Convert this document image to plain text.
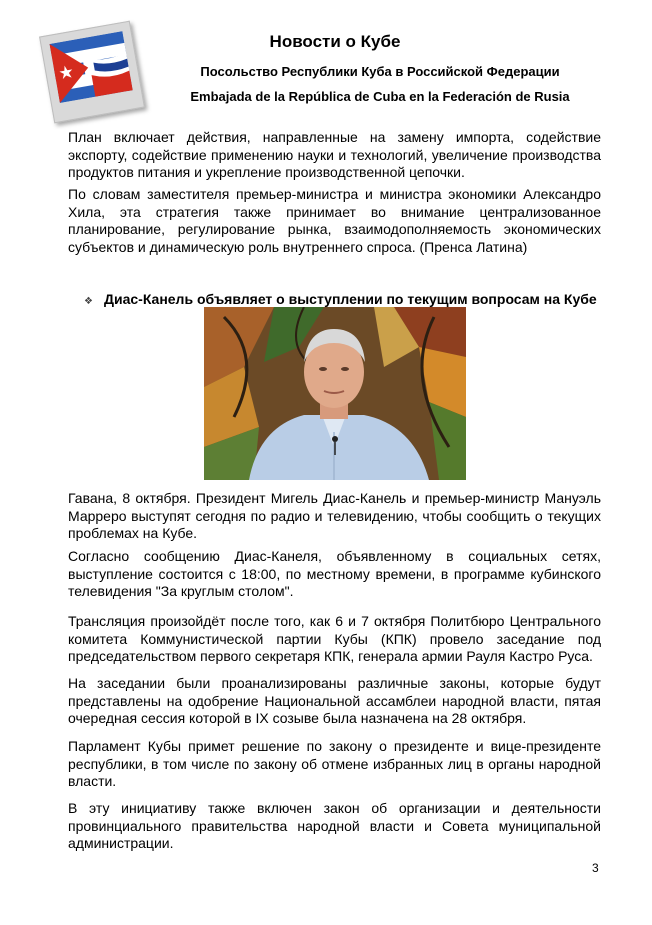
Новости о Кубе
Посольство Республики Куба в Российской Федерации
Embajada de la República de Cuba en la Federación de Rusia

План включает действия, направленные на замену импорта, содействие экспорту, содействие применению науки и технологий, увеличение производства продуктов питания и укрепление производственной цепочки.

По словам заместителя премьер-министра и министра экономики Александро Хила, эта стратегия также принимает во внимание централизованное планирование, регулирование рынка, взаимодополняемость экономических субъектов и динамическую роль внутреннего спроса. (Пренса Латина)

❖ Диас-Канель объявляет о выступлении по текущим вопросам на Кубе

Гавана, 8 октября. Президент Мигель Диас-Канель и премьер-министр Мануэль Марреро выступят сегодня по радио и телевидению, чтобы сообщить о текущих проблемах на Кубе.

Согласно сообщению Диас-Канеля, объявленному в социальных сетях, выступление состоится с 18:00, по местному времени, в программе кубинского телевидения "За круглым столом".

Трансляция произойдёт после того, как 6 и 7 октября Политбюро Центрального комитета Коммунистической партии Кубы (КПК) провело заседание под председательством первого секретаря КПК, генерала армии Рауля Кастро Руса.

На заседании были проанализированы различные законы, которые будут представлены на одобрение Национальной ассамблеи народной власти, пятая очередная сессия которой в IX созыве была назначена на 28 октября.

Парламент Кубы примет решение по закону о президенте и вице-президенте республики, в том числе по закону об отмене избранных лиц в органы народной власти.

В эту инициативу также включен закон об организации и деятельности провинциального правительства народной власти и Совета муниципальной администрации.

3
